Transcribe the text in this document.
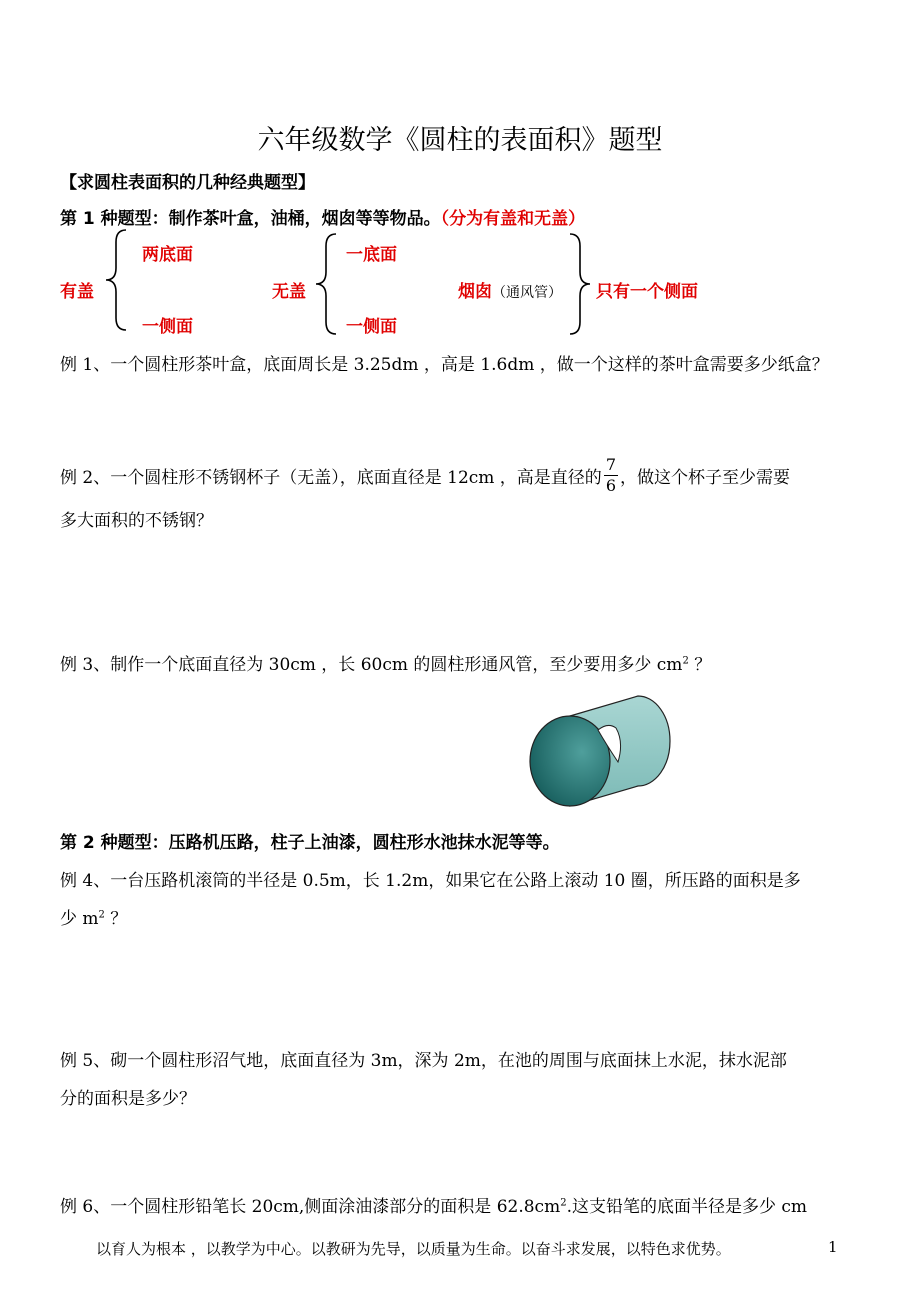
六年级数学《圆柱的表面积》题型
【求圆柱表面积的几种经典题型】
第 1 种题型：制作茶叶盒，油桶，烟囱等等物品。（分为有盖和无盖）
有盖
两底面
一侧面
无盖
一底面
一侧面
烟囱（通风管） 只有一个侧面
例 1、一个圆柱形茶叶盒，底面周长是 3.25dm ，高是 1.6dm ，做一个这样的茶叶盒需要多少纸盒？
例 2、一个圆柱形不锈钢杯子（无盖），底面直径是 12cm ，高是直径的 $\frac{7}{6}$ ，做这个杯子至少需要
多大面积的不锈钢？
例 3、制作一个底面直径为 30cm ，长 60cm 的圆柱形通风管，至少要用多少 $cm^2$ ？
第 2 种题型：压路机压路，柱子上油漆，圆柱形水池抹水泥等等。
例 4、一台压路机滚筒的半径是 0.5m，长 1.2m，如果它在公路上滚动 10 圈，所压路的面积是多
少 $m^2$ ？
例 5、砌一个圆柱形沼气地，底面直径为 3m，深为 2m，在池的周围与底面抹上水泥，抹水泥部
分的面积是多少？
例 6、一个圆柱形铅笔长 20cm,侧面涂油漆部分的面积是 $62.8cm^2$.这支铅笔的底面半径是多少 cm
以育人为根本 ，以教学为中心。以教研为先导，以质量为生命。以奋斗求发展，以特色求优势。	1
